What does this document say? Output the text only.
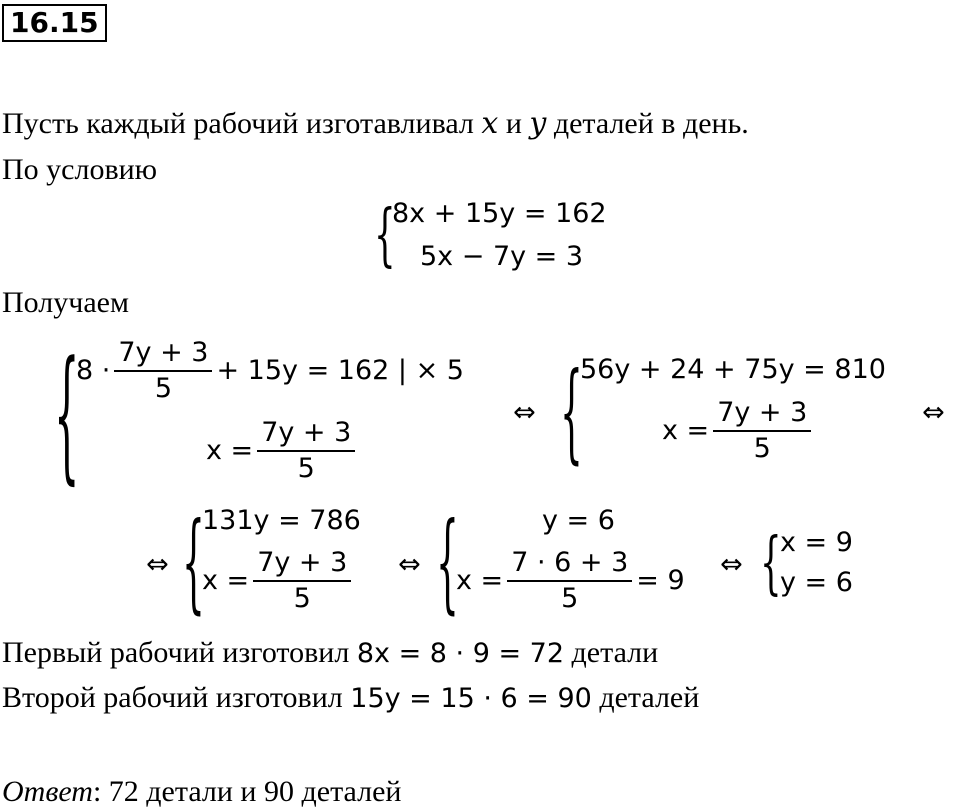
16.15
Пусть каждый рабочий изготавливал x и y деталей в день.
По условию
{
8x + 15y = 162
5x − 7y = 3
Получаем
{
$8 \cdot \frac{7y + 3}{5} + 15y = 162$ | × 5
$x = \frac{7y + 3}{5}$
⇔ {
56y + 24 + 75y = 810
$x = \frac{7y + 3}{5}$	⇔
⇔ {
131y = 786
$x = \frac{7y + 3}{5}$ ⇔ {	y = 6
$x = \frac{7 \cdot 6 + 3}{5} = 9$
⇔ {
x = 9
y = 6
Первый рабочий изготовил 8x = 8 · 9 = 72 детали
Второй рабочий изготовил 15y = 15 · 6 = 90 деталей
Ответ: 72 детали и 90 деталей
